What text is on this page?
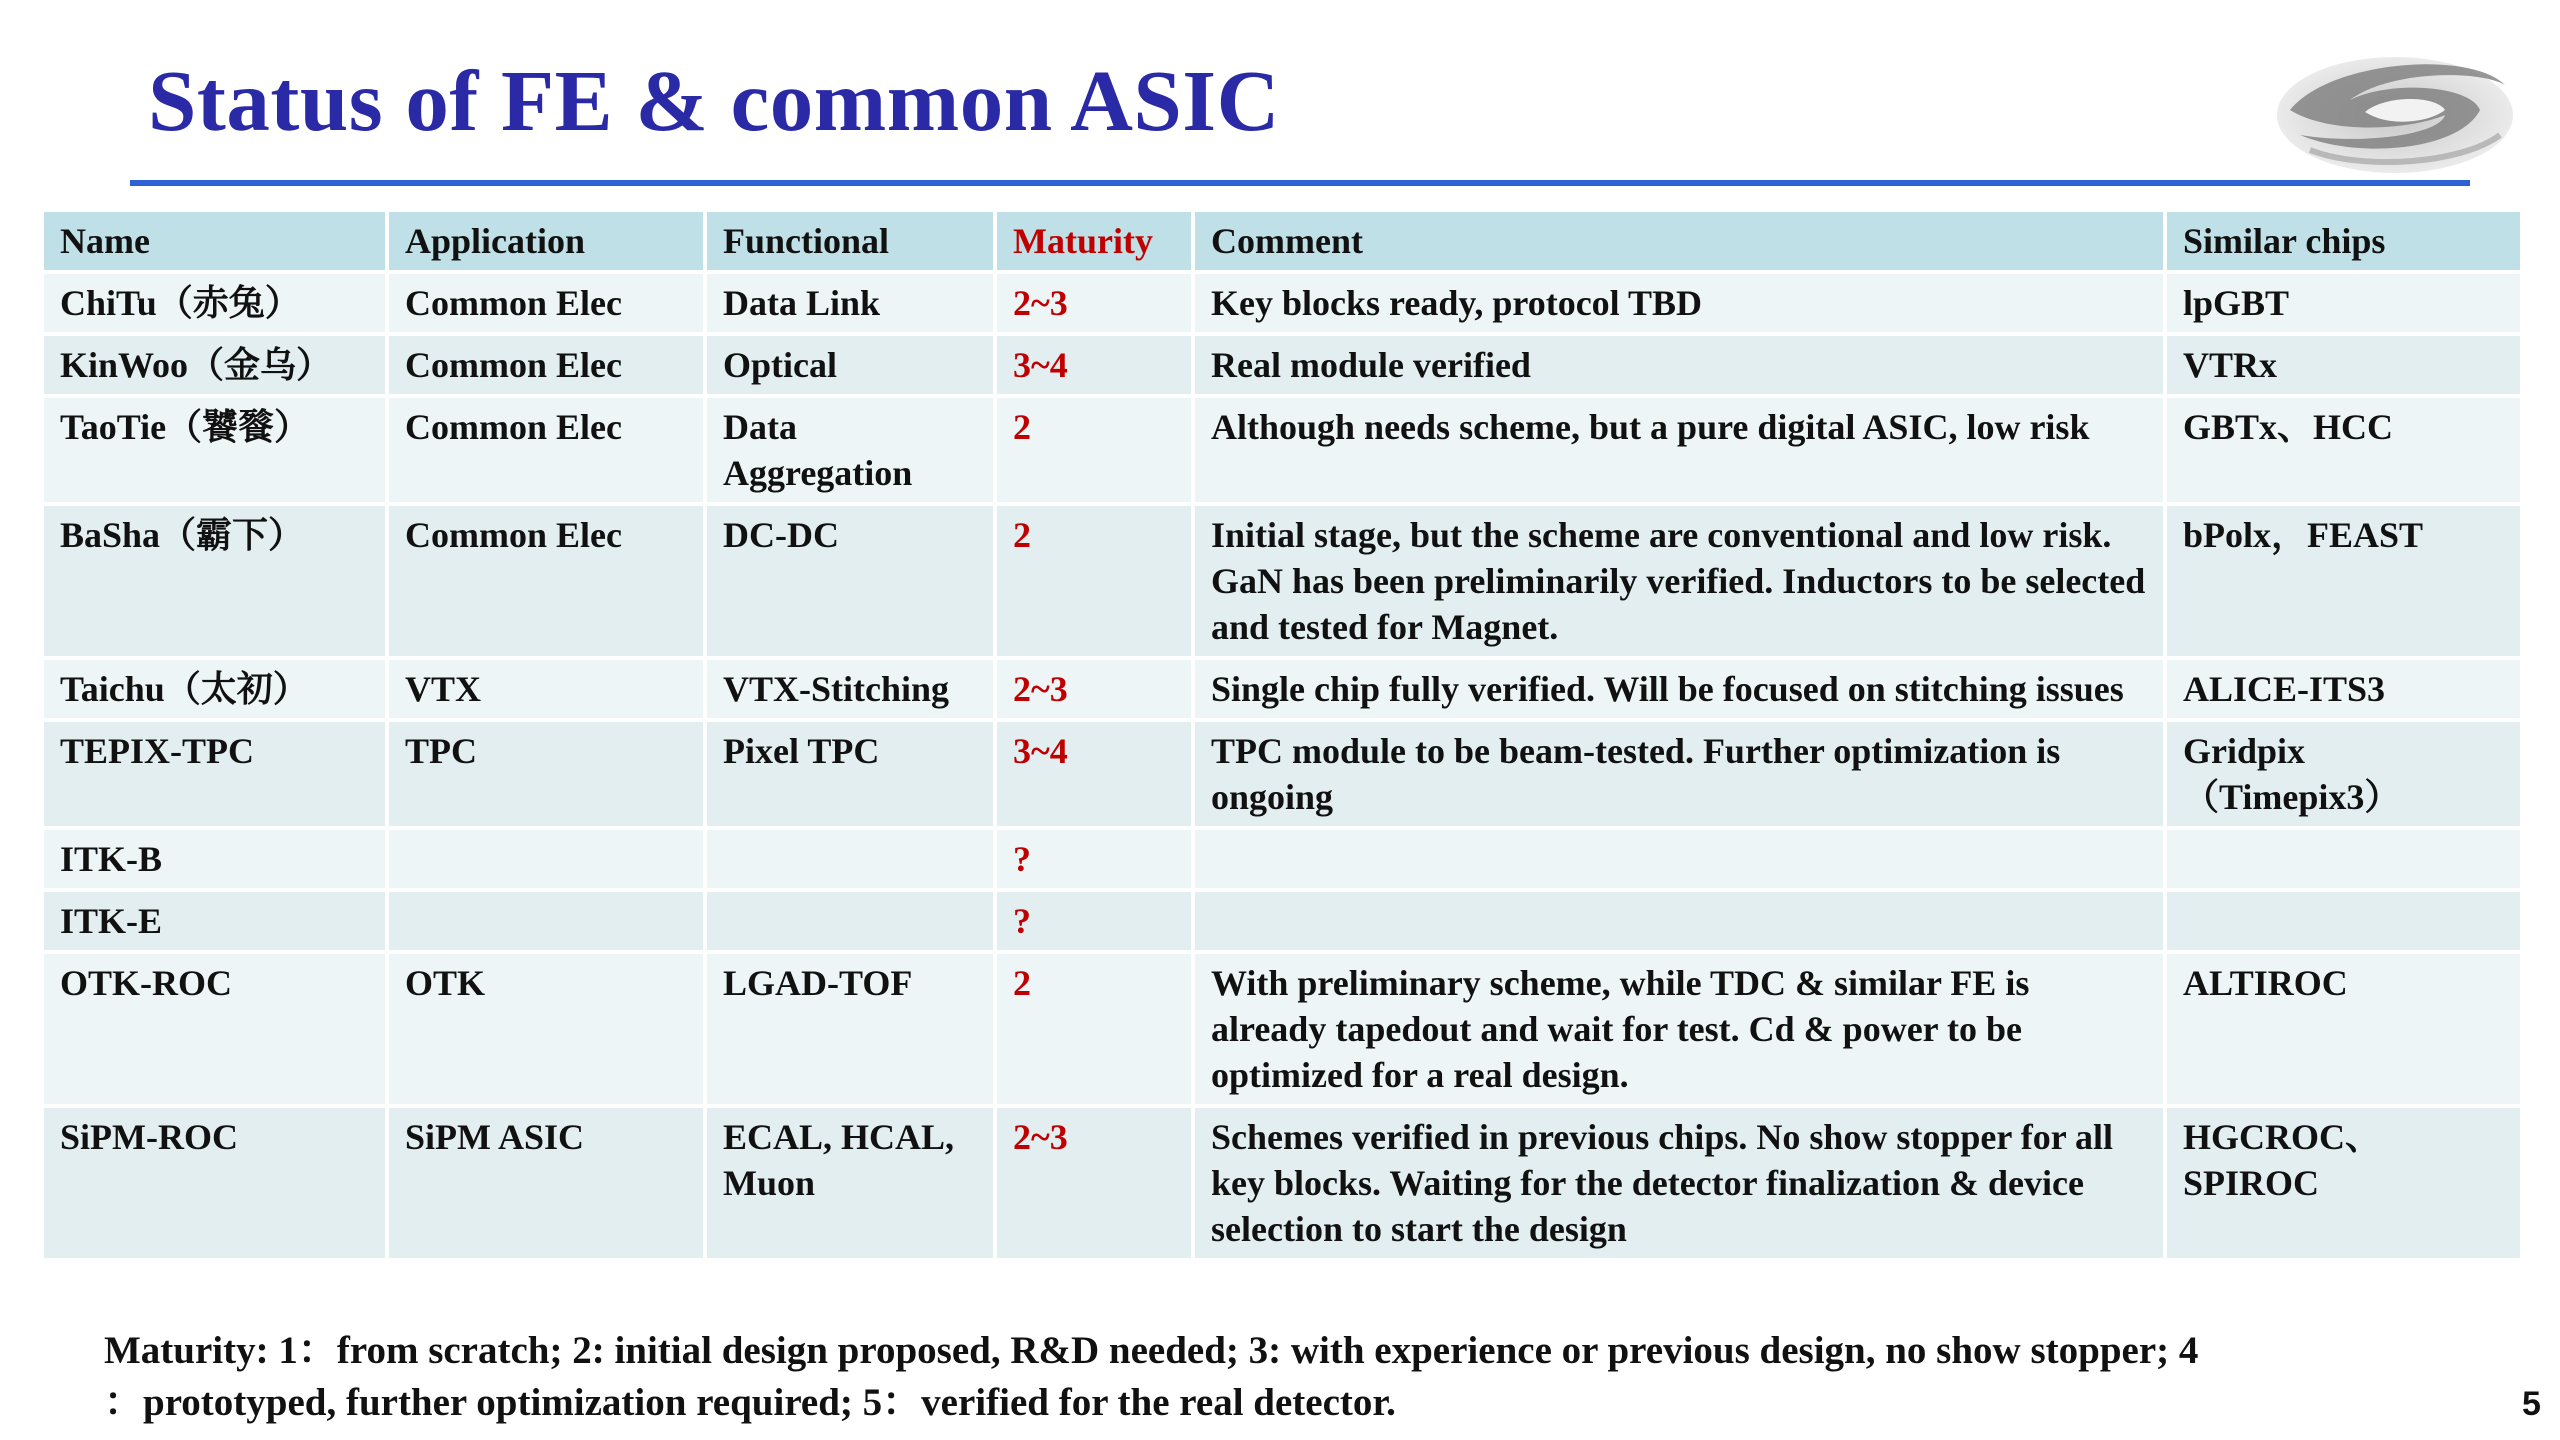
Status of FE & common ASIC
Name	Application	Functional	Maturity	Comment	Similar chips
ChiTu（赤兔）	Common Elec	Data Link	2~3	Key blocks ready, protocol TBD	lpGBT
KinWoo（金乌）	Common Elec	Optical	3~4	Real module verified	VTRx
TaoTie（饕餮）	Common Elec	Data Aggregation	2	Although needs scheme, but a pure digital ASIC, low risk	GBTx、HCC
BaSha（霸下）	Common Elec	DC-DC	2	Initial stage, but the scheme are conventional and low risk. GaN has been preliminarily verified. Inductors to be selected and tested for Magnet.	bPolx，FEAST
Taichu（太初）	VTX	VTX-Stitching	2~3	Single chip fully verified. Will be focused on stitching issues	ALICE-ITS3
TEPIX-TPC	TPC	Pixel TPC	3~4	TPC module to be beam-tested. Further optimization is ongoing	Gridpix （Timepix3）
ITK-B			?		
ITK-E			?		
OTK-ROC	OTK	LGAD-TOF	2	With preliminary scheme, while TDC & similar FE is already tapedout and wait for test. Cd & power to be optimized for a real design.	ALTIROC
SiPM-ROC	SiPM ASIC	ECAL, HCAL, Muon	2~3	Schemes verified in previous chips. No show stopper for all key blocks. Waiting for the detector finalization & device selection to start the design	HGCROC、SPIROC
Maturity: 1：from scratch; 2: initial design proposed, R&D needed; 3: with experience or previous design, no show stopper; 4
：prototyped, further optimization required; 5：verified for the real detector.	5
